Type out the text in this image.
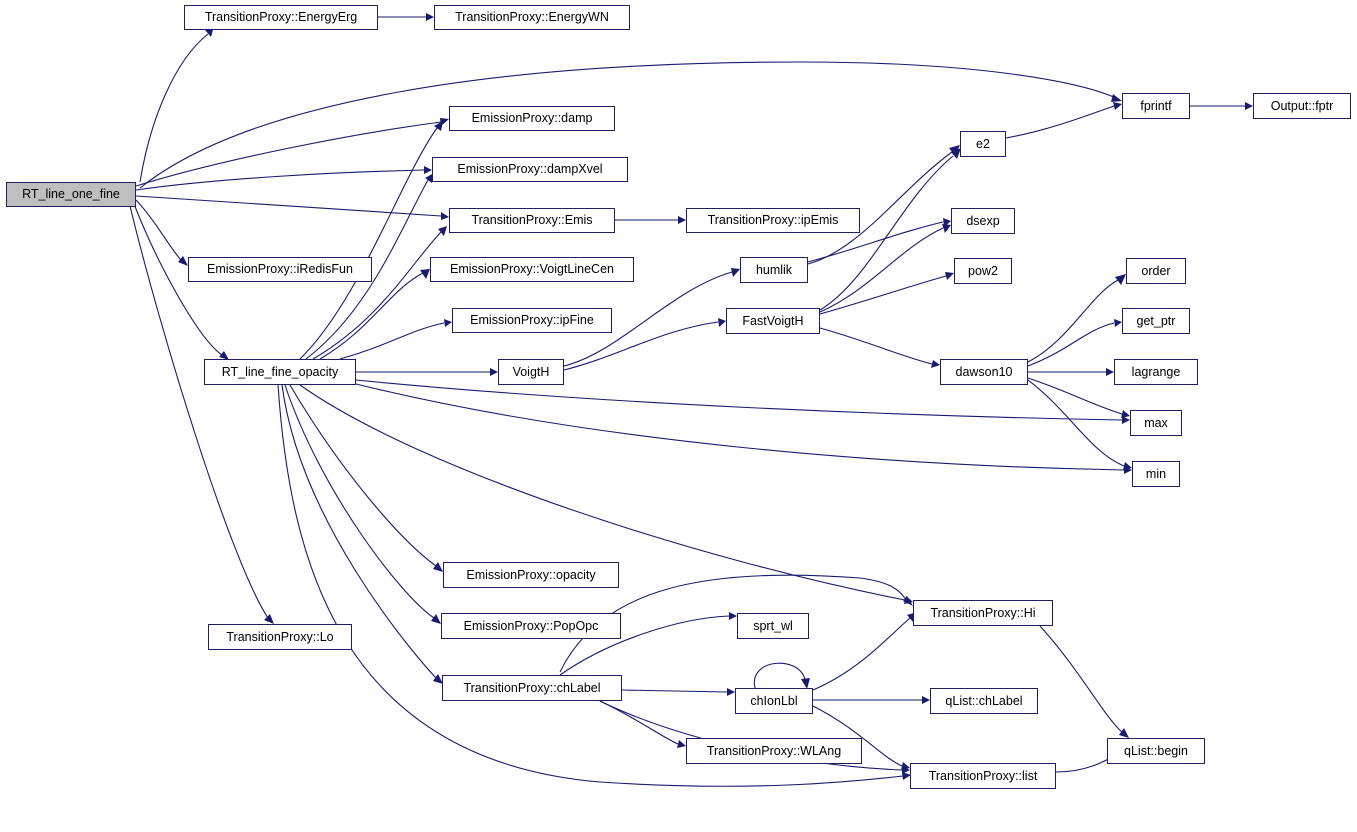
RT_line_one_fine
TransitionProxy::EnergyErg	TransitionProxy::EnergyWN
EmissionProxy::damp
EmissionProxy::dampXvel
TransitionProxy::Emis	TransitionProxy::ipEmis
EmissionProxy::iRedisFun	EmissionProxy::VoigtLineCen
EmissionProxy::ipFine
RT_line_fine_opacity	VoigtH
humlik
FastVoigtH
e2
dsexp
pow2
dawson10
fprintf	Output::fptr
order
get_ptr
lagrange
max
min
EmissionProxy::opacity
EmissionProxy::PopOpc
TransitionProxy::Lo
TransitionProxy::chLabel
sprt_wl
chIonLbl
TransitionProxy::WLAng
TransitionProxy::Hi
qList::chLabel
TransitionProxy::list
qList::begin
